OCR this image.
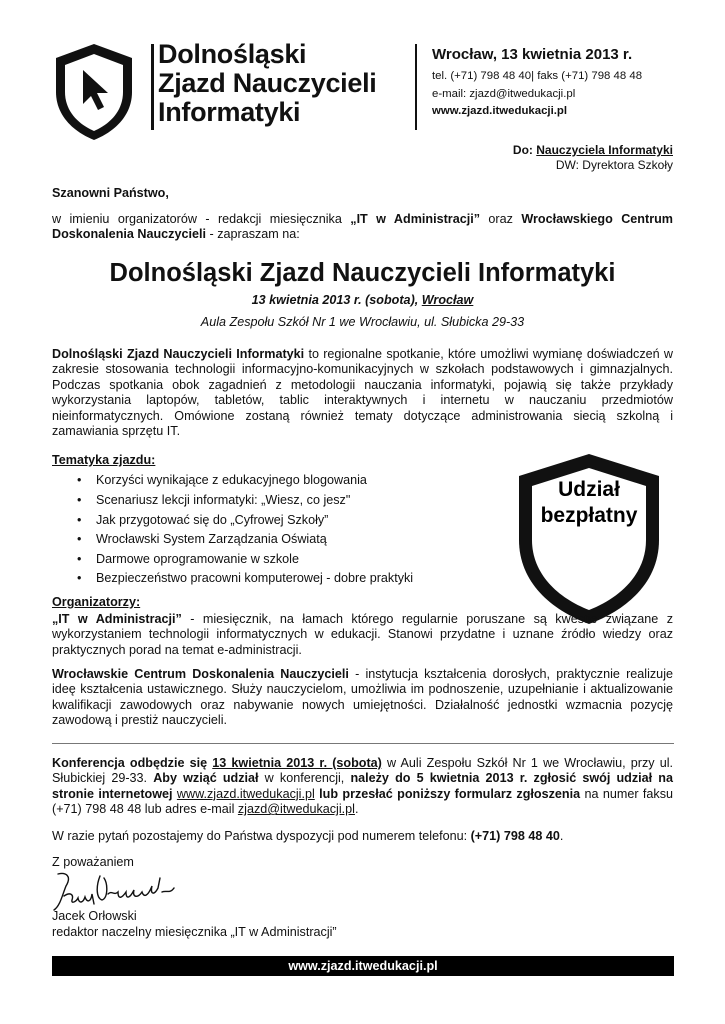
Dolnośląski
Zjazd Nauczycieli
Informatyki
Wrocław, 13 kwietnia 2013 r.
tel. (+71) 798 48 40| faks (+71) 798 48 48
e-mail: zjazd@itwedukacji.pl
www.zjazd.itwedukacji.pl
Do: Nauczyciela Informatyki
DW: Dyrektora Szkoły
Szanowni Państwo,
w imieniu organizatorów - redakcji miesięcznika „IT w Administracji” oraz Wrocławskiego Centrum Doskonalenia Nauczycieli - zapraszam na:
Dolnośląski Zjazd Nauczycieli Informatyki
13 kwietnia 2013 r. (sobota), Wrocław
Aula Zespołu Szkół Nr 1 we Wrocławiu, ul. Słubicka 29-33
Dolnośląski Zjazd Nauczycieli Informatyki to regionalne spotkanie, które umożliwi wymianę doświadczeń w zakresie stosowania technologii informacyjno-komunikacyjnych w szkołach podstawowych i gimnazjalnych. Podczas spotkania obok zagadnień z metodologii nauczania informatyki, pojawią się także przykłady wykorzystania laptopów, tabletów, tablic interaktywnych i internetu w nauczaniu przedmiotów nieinformatycznych. Omówione zostaną również tematy dotyczące administrowania siecią szkolną i zamawiania sprzętu IT.
Tematyka zjazdu:
• Korzyści wynikające z edukacyjnego blogowania
• Scenariusz lekcji informatyki: „Wiesz, co jesz"
• Jak przygotować się do „Cyfrowej Szkoły”
• Wrocławski System Zarządzania Oświatą
• Darmowe oprogramowanie w szkole
• Bezpieczeństwo pracowni komputerowej - dobre praktyki
Udział
bezpłatny
Organizatorzy:
„IT w Administracji” - miesięcznik, na łamach którego regularnie poruszane są kwestie związane z wykorzystaniem technologii informatycznych w edukacji. Stanowi przydatne i uznane źródło wiedzy oraz praktycznych porad na temat e-administracji.
Wrocławskie Centrum Doskonalenia Nauczycieli - instytucja kształcenia dorosłych, praktycznie realizuje ideę kształcenia ustawicznego. Służy nauczycielom, umożliwia im podnoszenie, uzupełnianie i aktualizowanie kwalifikacji zawodowych oraz nabywanie nowych umiejętności. Działalność jednostki wzmacnia pozycję zawodową i prestiż nauczycieli.
Konferencja odbędzie się 13 kwietnia 2013 r. (sobota) w Auli Zespołu Szkół Nr 1 we Wrocławiu, przy ul. Słubickiej 29-33. Aby wziąć udział w konferencji, należy do 5 kwietnia 2013 r. zgłosić swój udział na stronie internetowej www.zjazd.itwedukacji.pl lub przesłać poniższy formularz zgłoszenia na numer faksu (+71) 798 48 48 lub adres e-mail zjazd@itwedukacji.pl.
W razie pytań pozostajemy do Państwa dyspozycji pod numerem telefonu: (+71) 798 48 40.
Z poważaniem
Jacek Orłowski
redaktor naczelny miesięcznika „IT w Administracji”
www.zjazd.itwedukacji.pl
